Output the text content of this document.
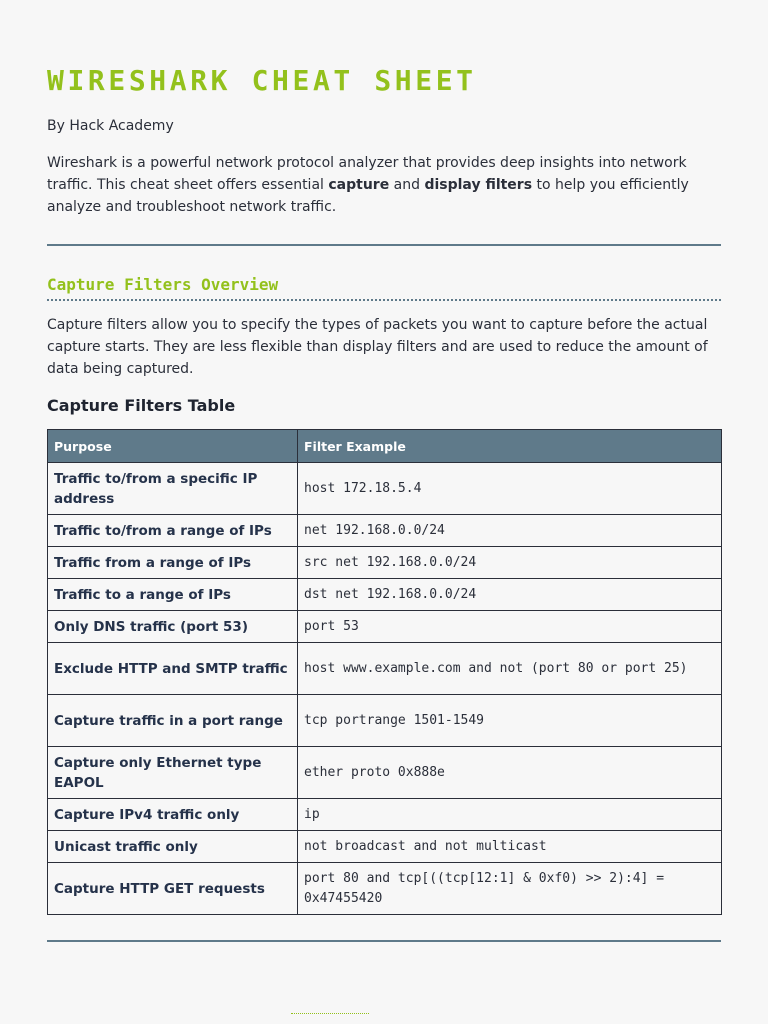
WIRESHARK CHEAT SHEET
By Hack Academy

Wireshark is a powerful network protocol analyzer that provides deep insights into network traffic. This cheat sheet offers essential capture and display filters to help you efficiently analyze and troubleshoot network traffic.

Capture Filters Overview

Capture filters allow you to specify the types of packets you want to capture before the actual capture starts. They are less flexible than display filters and are used to reduce the amount of data being captured.

Capture Filters Table
Purpose	Filter Example
Traffic to/from a specific IP address	host 172.18.5.4
Traffic to/from a range of IPs	net 192.168.0.0/24
Traffic from a range of IPs	src net 192.168.0.0/24
Traffic to a range of IPs	dst net 192.168.0.0/24
Only DNS traffic (port 53)	port 53
Exclude HTTP and SMTP traffic	host www.example.com and not (port 80 or port 25)
Capture traffic in a port range	tcp portrange 1501-1549
Capture only Ethernet type EAPOL	ether proto 0x888e
Capture IPv4 traffic only	ip
Unicast traffic only	not broadcast and not multicast
Capture HTTP GET requests	port 80 and tcp[((tcp[12:1] & 0xf0) >> 2):4] = 0x47455420
